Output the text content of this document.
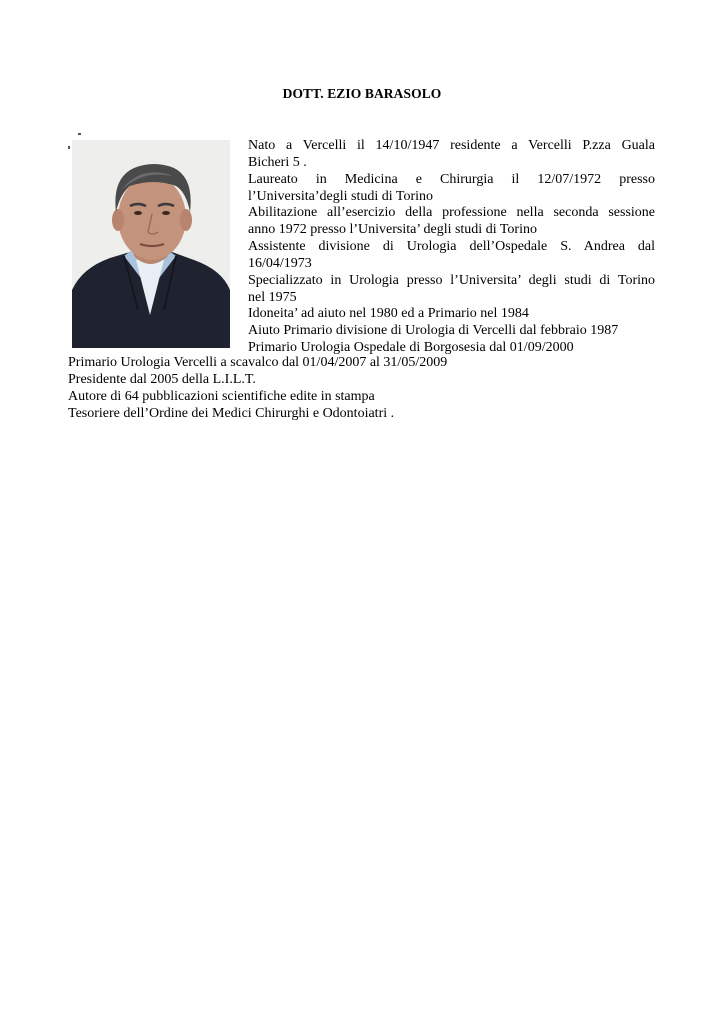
DOTT. EZIO BARASOLO
Nato a Vercelli il 14/10/1947 residente a Vercelli P.zza Guala
Bicheri 5 .
Laureato in Medicina e Chirurgia il 12/07/1972 presso
l’Universita’degli studi di Torino
Abilitazione all’esercizio della professione nella seconda sessione
anno 1972 presso l’Universita’ degli studi di Torino
Assistente divisione di Urologia dell’Ospedale S. Andrea dal
16/04/1973
Specializzato in Urologia presso l’Universita’ degli studi di Torino
nel 1975
Idoneita’ ad aiuto nel 1980 ed a Primario nel 1984
Aiuto Primario divisione di Urologia di Vercelli dal febbraio 1987
Primario Urologia Ospedale di Borgosesia dal 01/09/2000
Primario Urologia Vercelli a scavalco dal 01/04/2007 al 31/05/2009
Presidente dal 2005 della L.I.L.T.
Autore di 64 pubblicazioni scientifiche edite in stampa
Tesoriere dell’Ordine dei Medici Chirurghi e Odontoiatri .
